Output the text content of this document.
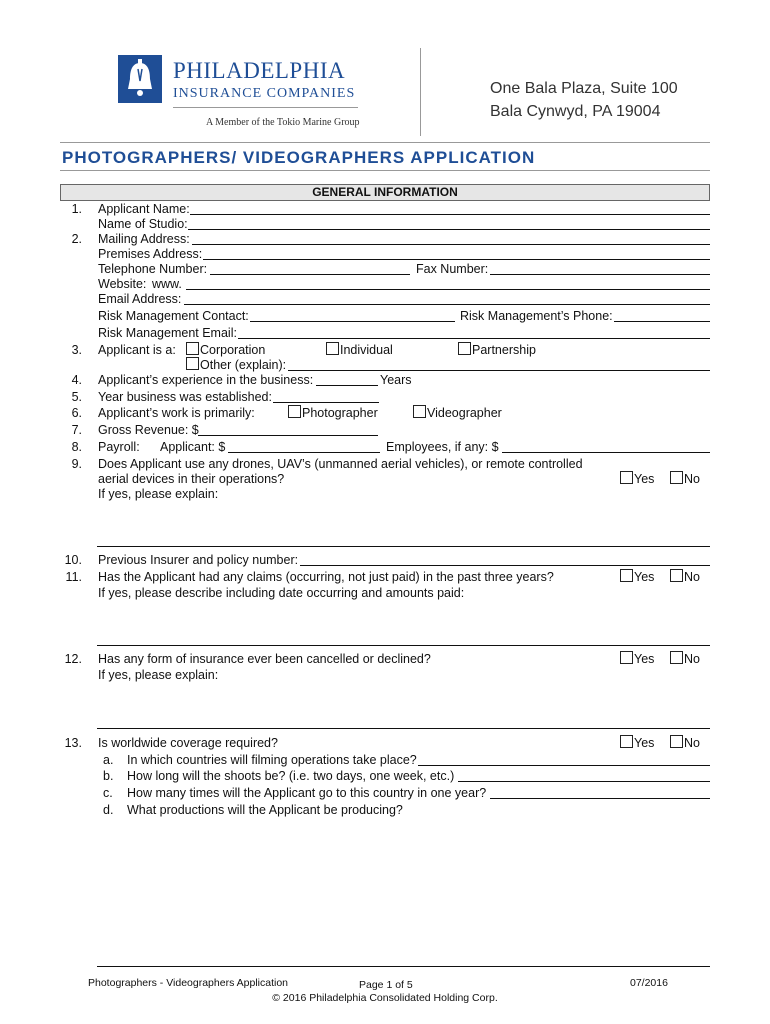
PHILADELPHIA
INSURANCE COMPANIES
A Member of the Tokio Marine Group
One Bala Plaza, Suite 100
Bala Cynwyd, PA 19004
PHOTOGRAPHERS/ VIDEOGRAPHERS APPLICATION
GENERAL INFORMATION
1. Applicant Name:
Name of Studio:
2. Mailing Address:
Premises Address:
Telephone Number:	Fax Number:
Website: www.
Email Address:
Risk Management Contact:	Risk Management’s Phone:
Risk Management Email:
3. Applicant is a: Corporation	Individual	Partnership
Other (explain):
4. Applicant’s experience in the business:	Years
5. Year business was established:
6. Applicant’s work is primarily:	Photographer	Videographer
7. Gross Revenue: $
8. Payroll: Applicant: $	Employees, if any: $
9. Does Applicant use any drones, UAV’s (unmanned aerial vehicles), or remote controlled
aerial devices in their operations?	Yes No
If yes, please explain:
10. Previous Insurer and policy number:
11. Has the Applicant had any claims (occurring, not just paid) in the past three years?	Yes No
If yes, please describe including date occurring and amounts paid:
12. Has any form of insurance ever been cancelled or declined?	Yes No
If yes, please explain:
13. Is worldwide coverage required?	Yes No
a. In which countries will filming operations take place?
b. How long will the shoots be? (i.e. two days, one week, etc.)
c. How many times will the Applicant go to this country in one year?
d. What productions will the Applicant be producing?
Photographers - Videographers Application	Page 1 of 5	07/2016
© 2016 Philadelphia Consolidated Holding Corp.
